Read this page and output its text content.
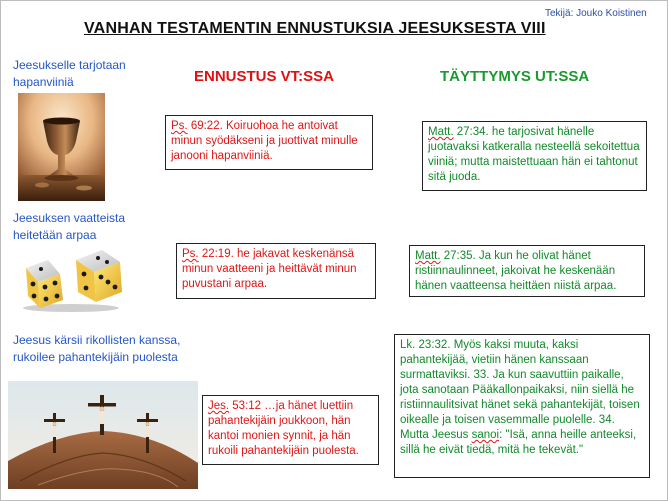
Tekijä: Jouko Koistinen
VANHAN TESTAMENTIN ENNUSTUKSIA JEESUKSESTA VIII
ENNUSTUS VT:SSA	TÄYTTYMYS UT:SSA
Jeesukselle tarjotaan
hapanviiniä
Ps. 69:22. Koiruohoa he antoivat minun syödäkseni ja juottivat minulle janooni hapanviiniä.
Matt. 27:34. he tarjosivat hänelle juotavaksi katkeralla nesteellä sekoitettua viiniä; mutta maistettuaan hän ei tahtonut sitä juoda.
Jeesuksen vaatteista
heitetään arpaa
Ps. 22:19. he jakavat keskenänsä minun vaatteeni ja heittävät minun puvustani arpaa.
Matt. 27:35. Ja kun he olivat hänet ristiinnaulinneet, jakoivat he keskenään hänen vaatteensa heittäen niistä arpaa.
Jeesus kärsii rikollisten kanssa,
rukoilee pahantekijäin puolesta
Jes. 53:12 …ja hänet luettiin pahantekijäin joukkoon, hän kantoi monien synnit, ja hän rukoili pahantekijäin puolesta.
Lk. 23:32. Myös kaksi muuta, kaksi pahantekijää, vietiin hänen kanssaan surmattaviksi. 33. Ja kun saavuttiin paikalle, jota sanotaan Pääkallonpaikaksi, niin siellä he ristiinnaulitsivat hänet sekä pahantekijät, toisen oikealle ja toisen vasemmalle puolelle. 34. Mutta Jeesus sanoi: "Isä, anna heille anteeksi, sillä he eivät tiedä, mitä he tekevät."
